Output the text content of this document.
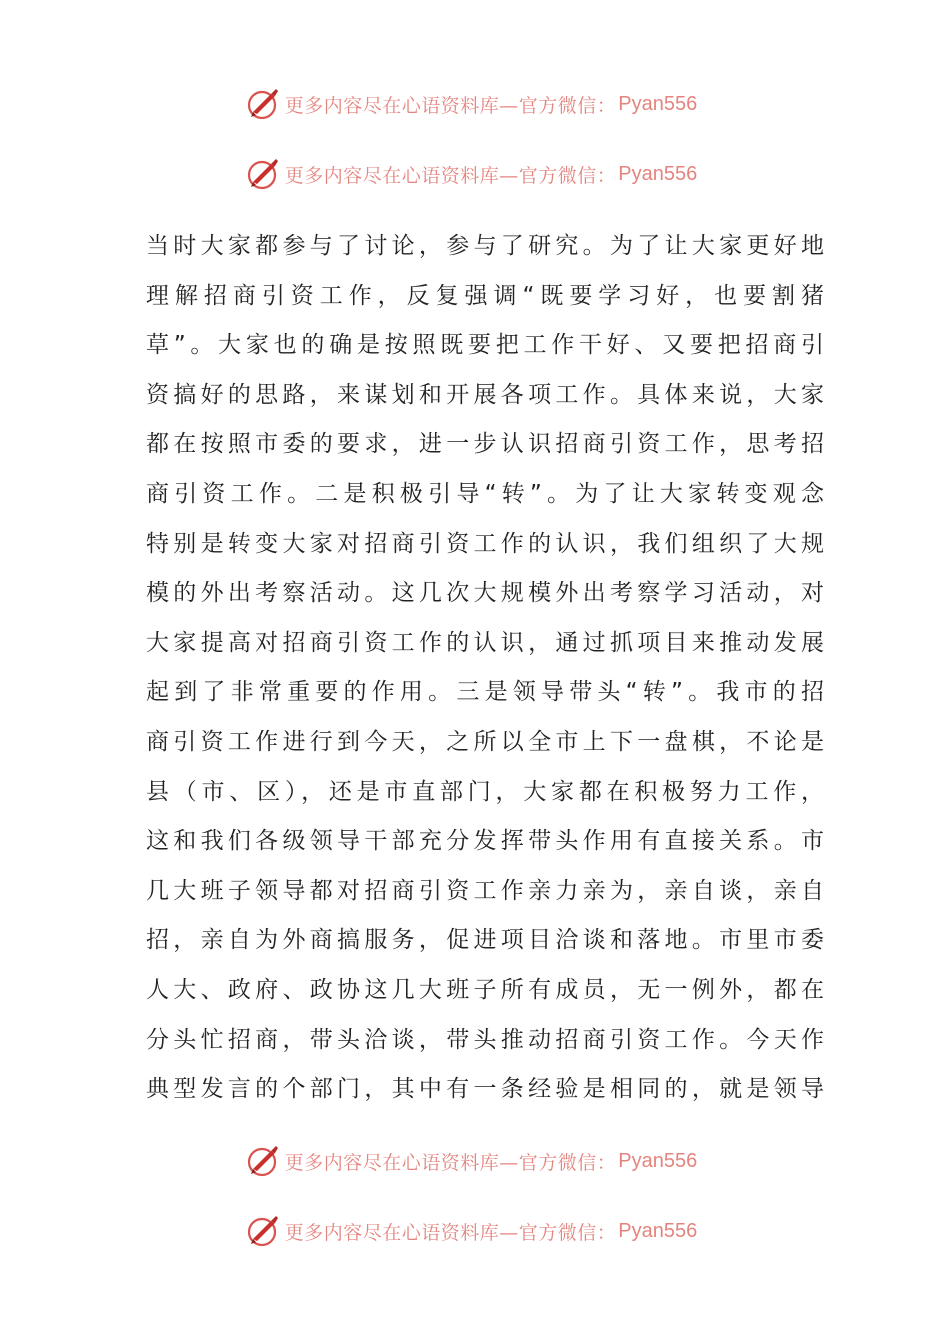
更多内容尽在心语资料库—官方微信： Pyan556
更多内容尽在心语资料库—官方微信： Pyan556
当时大家都参与了讨论，参与了研究。为了让大家更好地
理解招商引资工作，反复强调“既要学习好，也要割猪
草”。大家也的确是按照既要把工作干好、又要把招商引
资搞好的思路，来谋划和开展各项工作。具体来说，大家
都在按照市委的要求，进一步认识招商引资工作，思考招
商引资工作。二是积极引导“转”。为了让大家转变观念
特别是转变大家对招商引资工作的认识，我们组织了大规
模的外出考察活动。这几次大规模外出考察学习活动，对
大家提高对招商引资工作的认识，通过抓项目来推动发展
起到了非常重要的作用。三是领导带头“转”。我市的招
商引资工作进行到今天，之所以全市上下一盘棋，不论是
县（市、区），还是市直部门，大家都在积极努力工作，
这和我们各级领导干部充分发挥带头作用有直接关系。市
几大班子领导都对招商引资工作亲力亲为，亲自谈，亲自
招，亲自为外商搞服务，促进项目洽谈和落地。市里市委
人大、政府、政协这几大班子所有成员，无一例外，都在
分头忙招商，带头洽谈，带头推动招商引资工作。今天作
典型发言的个部门，其中有一条经验是相同的，就是领导
更多内容尽在心语资料库—官方微信： Pyan556
更多内容尽在心语资料库—官方微信： Pyan556
